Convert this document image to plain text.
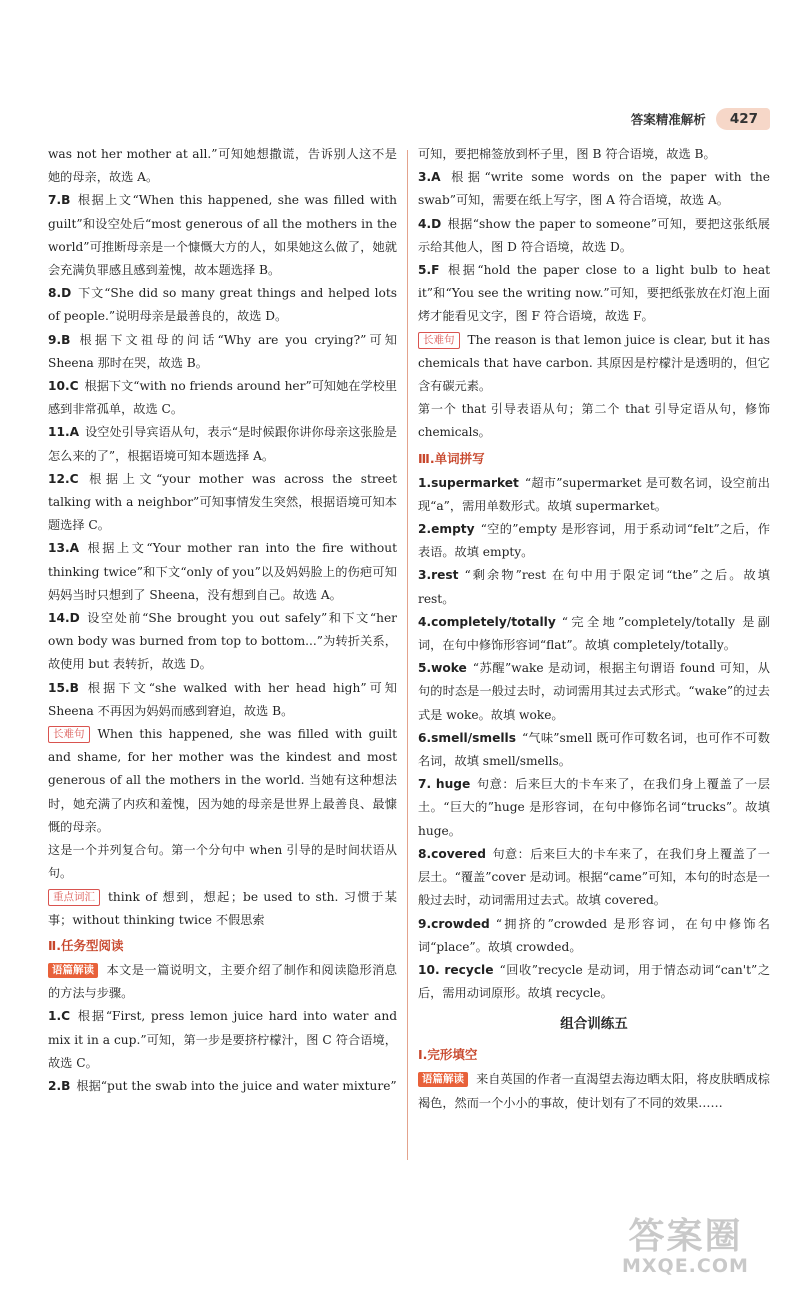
答案精准解析	427
was not her mother at all.”可知她想撒谎，告诉别人这不是她的母亲，故选 A。
7.B 根据上文“When this happened, she was filled with guilt”和设空处后“most generous of all the mothers in the world”可推断母亲是一个慷慨大方的人，如果她这么做了，她就会充满负罪感且感到羞愧，故本题选择 B。
8.D 下文“She did so many great things and helped lots of people.”说明母亲是最善良的，故选 D。
9.B 根据下文祖母的问话“Why are you crying?”可知 Sheena 那时在哭，故选 B。
10.C 根据下文“with no friends around her”可知她在学校里感到非常孤单，故选 C。
11.A 设空处引导宾语从句，表示“是时候跟你讲你母亲这张脸是怎么来的了”，根据语境可知本题选择 A。
12.C 根据上文“your mother was across the street talking with a neighbor”可知事情发生突然，根据语境可知本题选择 C。
13.A 根据上文“Your mother ran into the fire without thinking twice”和下文“only of you”以及妈妈脸上的伤疤可知妈妈当时只想到了 Sheena，没有想到自己。故选 A。
14.D 设空处前“She brought you out safely”和下文“her own body was burned from top to bottom...”为转折关系，故使用 but 表转折，故选 D。
15.B 根据下文“she walked with her head high”可知 Sheena 不再因为妈妈而感到窘迫，故选 B。
长难句 When this happened, she was filled with guilt and shame, for her mother was the kindest and most generous of all the mothers in the world. 当她有这种想法时，她充满了内疚和羞愧，因为她的母亲是世界上最善良、最慷慨的母亲。
这是一个并列复合句。第一个分句中 when 引导的是时间状语从句。
重点词汇 think of 想到，想起；be used to sth. 习惯于某事；without thinking twice 不假思索
Ⅱ.任务型阅读
语篇解读 本文是一篇说明文，主要介绍了制作和阅读隐形消息的方法与步骤。
1.C 根据“First, press lemon juice hard into water and mix it in a cup.”可知，第一步是要挤柠檬汁，图 C 符合语境，故选 C。
2.B 根据“put the swab into the juice and water mixture”
可知，要把棉签放到杯子里，图 B 符合语境，故选 B。
3.A 根据“write some words on the paper with the swab”可知，需要在纸上写字，图 A 符合语境，故选 A。
4.D 根据“show the paper to someone”可知，要把这张纸展示给其他人，图 D 符合语境，故选 D。
5.F 根据“hold the paper close to a light bulb to heat it”和“You see the writing now.”可知，要把纸张放在灯泡上面烤才能看见文字，图 F 符合语境，故选 F。
长难句 The reason is that lemon juice is clear, but it has chemicals that have carbon. 其原因是柠檬汁是透明的，但它含有碳元素。
第一个 that 引导表语从句；第二个 that 引导定语从句，修饰 chemicals。
Ⅲ.单词拼写
1.supermarket “超市”supermarket 是可数名词，设空前出现“a”，需用单数形式。故填 supermarket。
2.empty “空的”empty 是形容词，用于系动词“felt”之后，作表语。故填 empty。
3.rest “剩余物”rest 在句中用于限定词“the”之后。故填 rest。
4.completely/totally “完全地”completely/totally 是副词，在句中修饰形容词“flat”。故填 completely/totally。
5.woke “苏醒”wake 是动词，根据主句谓语 found 可知，从句的时态是一般过去时，动词需用其过去式形式。“wake”的过去式是 woke。故填 woke。
6.smell/smells “气味”smell 既可作可数名词，也可作不可数名词，故填 smell/smells。
7. huge 句意：后来巨大的卡车来了，在我们身上覆盖了一层土。“巨大的”huge 是形容词，在句中修饰名词“trucks”。故填 huge。
8.covered 句意：后来巨大的卡车来了，在我们身上覆盖了一层土。“覆盖”cover 是动词。根据“came”可知，本句的时态是一般过去时，动词需用过去式。故填 covered。
9.crowded “拥挤的”crowded 是形容词，在句中修饰名词“place”。故填 crowded。
10. recycle “回收”recycle 是动词，用于情态动词“can't”之后，需用动词原形。故填 recycle。
组合训练五
Ⅰ.完形填空
语篇解读 来自英国的作者一直渴望去海边晒太阳，将皮肤晒成棕褐色，然而一个小小的事故，使计划有了不同的效果……
答案圈
MXQE.COM
